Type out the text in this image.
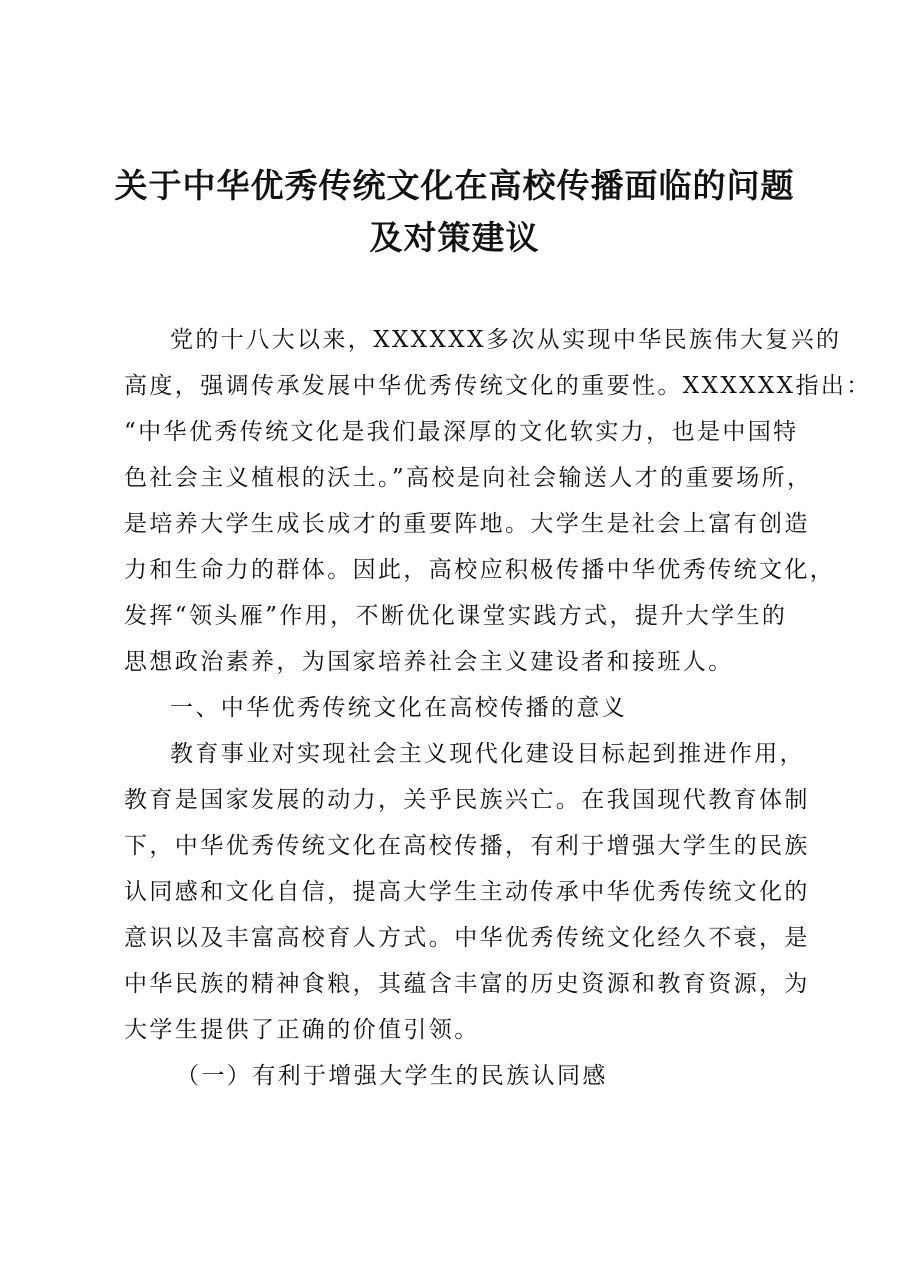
关于中华优秀传统文化在高校传播面临的问题
及对策建议
党的十八大以来，XXXXXX多次从实现中华民族伟大复兴的
高度，强调传承发展中华优秀传统文化的重要性。XXXXXX指出：
“中华优秀传统文化是我们最深厚的文化软实力，也是中国特
色社会主义植根的沃土。”高校是向社会输送人才的重要场所，
是培养大学生成长成才的重要阵地。大学生是社会上富有创造
力和生命力的群体。因此，高校应积极传播中华优秀传统文化，
发挥“领头雁”作用，不断优化课堂实践方式，提升大学生的
思想政治素养，为国家培养社会主义建设者和接班人。
一、中华优秀传统文化在高校传播的意义
教育事业对实现社会主义现代化建设目标起到推进作用，
教育是国家发展的动力，关乎民族兴亡。在我国现代教育体制
下，中华优秀传统文化在高校传播，有利于增强大学生的民族
认同感和文化自信，提高大学生主动传承中华优秀传统文化的
意识以及丰富高校育人方式。中华优秀传统文化经久不衰，是
中华民族的精神食粮，其蕴含丰富的历史资源和教育资源，为
大学生提供了正确的价值引领。
（一）有利于增强大学生的民族认同感
